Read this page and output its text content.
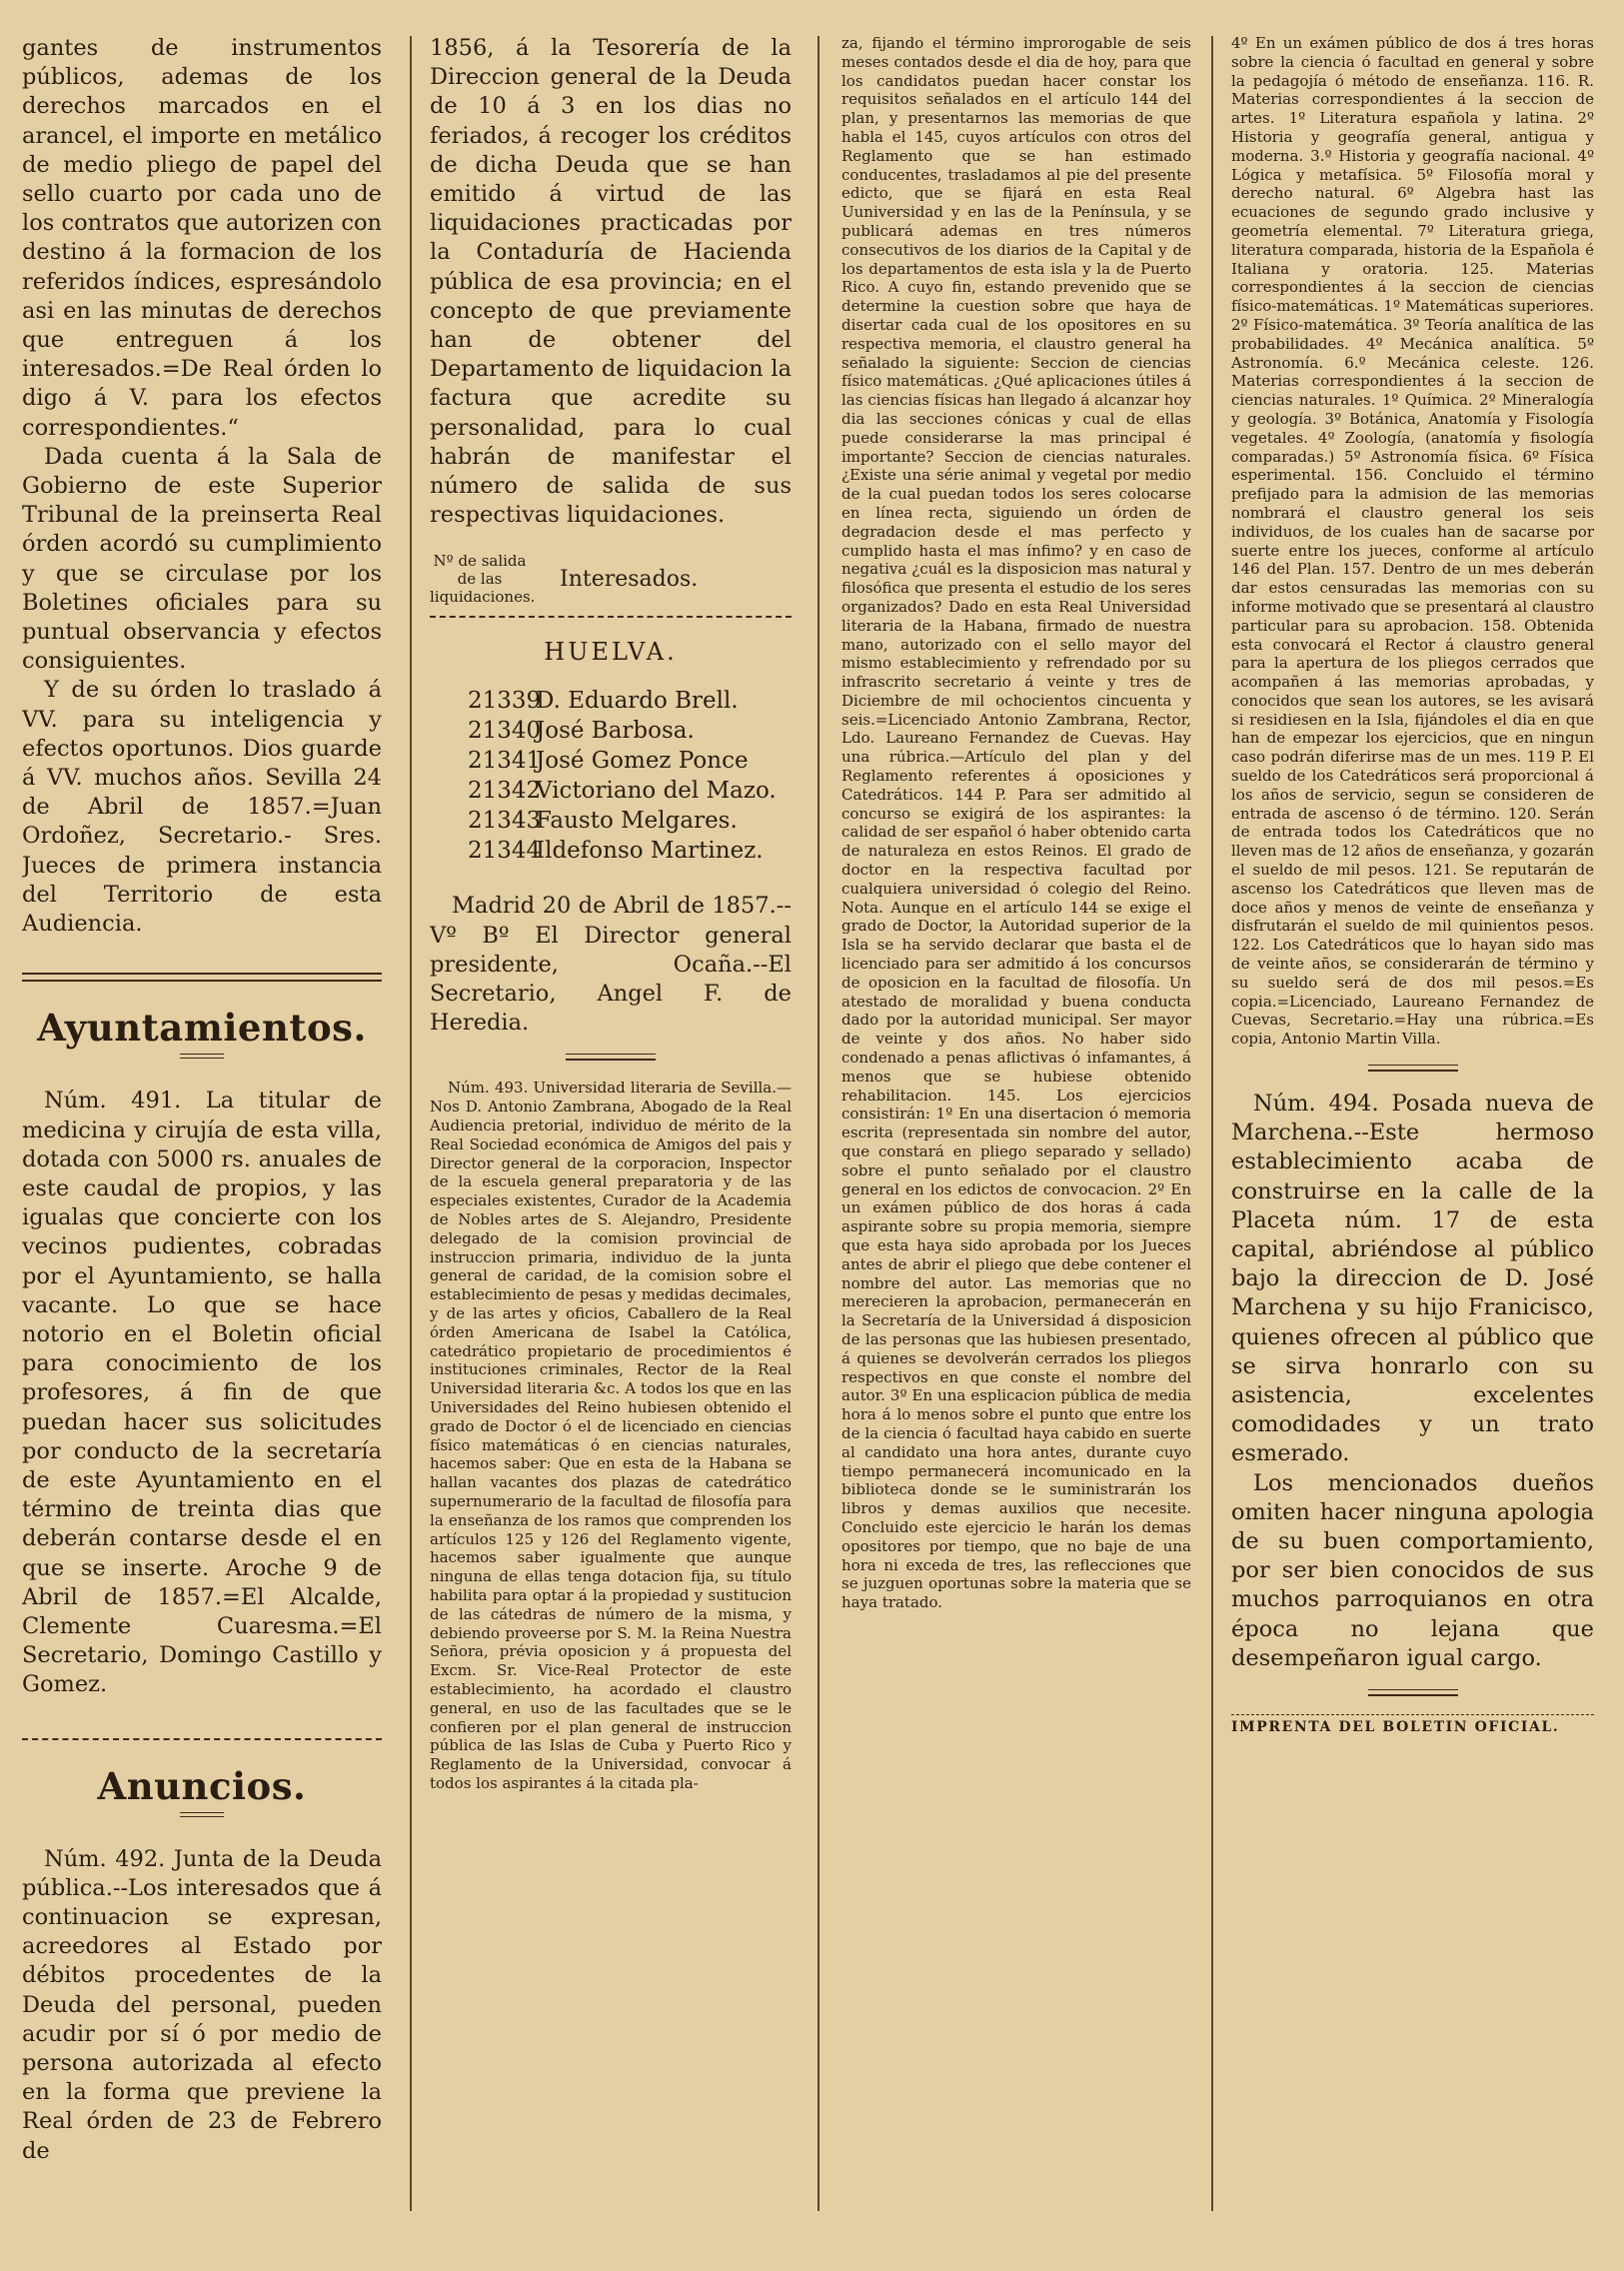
gantes de instrumentos públicos, ademas de los derechos marcados en el arancel, el importe en metálico de medio pliego de papel del sello cuarto por cada uno de los contratos que autorizen con destino á la formacion de los referidos índices, espresándolo asi en las minutas de derechos que entreguen á los interesados.=De Real órden lo digo á V. para los efectos correspondientes.“

Dada cuenta á la Sala de Gobierno de este Superior Tribunal de la preinserta Real órden acordó su cumplimiento y que se circulase por los Boletines oficiales para su puntual observancia y efectos consiguientes.

Y de su órden lo traslado á VV. para su inteligencia y efectos oportunos. Dios guarde á VV. muchos años. Sevilla 24 de Abril de 1857.=Juan Ordoñez, Secretario.- Sres. Jueces de primera instancia del Territorio de esta Audiencia.

Ayuntamientos.

Núm. 491. La titular de medicina y cirujía de esta villa, dotada con 5000 rs. anuales de este caudal de propios, y las igualas que concierte con los vecinos pudientes, cobradas por el Ayuntamiento, se halla vacante. Lo que se hace notorio en el Boletin oficial para conocimiento de los profesores, á fin de que puedan hacer sus solicitudes por conducto de la secretaría de este Ayuntamiento en el término de treinta dias que deberán contarse desde el en que se inserte. Aroche 9 de Abril de 1857.=El Alcalde, Clemente Cuaresma.=El Secretario, Domingo Castillo y Gomez.

Anuncios.

Núm. 492. Junta de la Deuda pública.--Los interesados que á continuacion se expresan, acreedores al Estado por débitos procedentes de la Deuda del personal, pueden acudir por sí ó por medio de persona autorizada al efecto en la forma que previene la Real órden de 23 de Febrero de

1856, á la Tesorería de la Direccion general de la Deuda de 10 á 3 en los dias no feriados, á recoger los créditos de dicha Deuda que se han emitido á virtud de las liquidaciones practicadas por la Contaduría de Hacienda pública de esa provincia; en el concepto de que previamente han de obtener del Departamento de liquidacion la factura que acredite su personalidad, para lo cual habrán de manifestar el número de salida de sus respectivas liquidaciones.

Nº de salida de las liquidaciones.
Interesados.
HUELVA.
21339
D. Eduardo Brell.
21340
José Barbosa.
21341
José Gomez Ponce
21342
Victoriano del Mazo.
21343
Fausto Melgares.
21344
Ildefonso Martinez.

Madrid 20 de Abril de 1857.--Vº Bº El Director general presidente, Ocaña.--El Secretario, Angel F. de Heredia.

Núm. 493. Universidad literaria de Sevilla.—Nos D. Antonio Zambrana, Abogado de la Real Audiencia pretorial, individuo de mérito de la Real Sociedad económica de Amigos del pais y Director general de la corporacion, Inspector de la escuela general preparatoria y de las especiales existentes, Curador de la Academia de Nobles artes de S. Alejandro, Presidente delegado de la comision provincial de instruccion primaria, individuo de la junta general de caridad, de la comision sobre el establecimiento de pesas y medidas decimales, y de las artes y oficios, Caballero de la Real órden Americana de Isabel la Católica, catedrático propietario de procedimientos é instituciones criminales, Rector de la Real Universidad literaria &c. A todos los que en las Universidades del Reino hubiesen obtenido el grado de Doctor ó el de licenciado en ciencias físico matemáticas ó en ciencias naturales, hacemos saber: Que en esta de la Habana se hallan vacantes dos plazas de catedrático supernumerario de la facultad de filosofía para la enseñanza de los ramos que comprenden los artículos 125 y 126 del Reglamento vigente, hacemos saber igualmente que aunque ninguna de ellas tenga dotacion fija, su título habilita para optar á la propiedad y sustitucion de las cátedras de número de la misma, y debiendo proveerse por S. M. la Reina Nuestra Señora, prévia oposicion y á propuesta del Excm. Sr. Vice-Real Protector de este establecimiento, ha acordado el claustro general, en uso de las facultades que se le confieren por el plan general de instruccion pública de las Islas de Cuba y Puerto Rico y Reglamento de la Universidad, convocar á todos los aspirantes á la citada pla-

za, fijando el término improrogable de seis meses contados desde el dia de hoy, para que los candidatos puedan hacer constar los requisitos señalados en el artículo 144 del plan, y presentarnos las memorias de que habla el 145, cuyos artículos con otros del Reglamento que se han estimado conducentes, trasladamos al pie del presente edicto, que se fijará en esta Real Uuniversidad y en las de la Península, y se publicará ademas en tres números consecutivos de los diarios de la Capital y de los departamentos de esta isla y la de Puerto Rico. A cuyo fin, estando prevenido que se determine la cuestion sobre que haya de disertar cada cual de los opositores en su respectiva memoria, el claustro general ha señalado la siguiente: Seccion de ciencias físico matemáticas. ¿Qué aplicaciones útiles á las ciencias físicas han llegado á alcanzar hoy dia las secciones cónicas y cual de ellas puede considerarse la mas principal é importante? Seccion de ciencias naturales. ¿Existe una série animal y vegetal por medio de la cual puedan todos los seres colocarse en línea recta, siguiendo un órden de degradacion desde el mas perfecto y cumplido hasta el mas ínfimo? y en caso de negativa ¿cuál es la disposicion mas natural y filosófica que presenta el estudio de los seres organizados? Dado en esta Real Universidad literaria de la Habana, firmado de nuestra mano, autorizado con el sello mayor del mismo establecimiento y refrendado por su infrascrito secretario á veinte y tres de Diciembre de mil ochocientos cincuenta y seis.=Licenciado Antonio Zambrana, Rector, Ldo. Laureano Fernandez de Cuevas. Hay una rúbrica.—Artículo del plan y del Reglamento referentes á oposiciones y Catedráticos. 144 P. Para ser admitido al concurso se exigirá de los aspirantes: la calidad de ser español ó haber obtenido carta de naturaleza en estos Reinos. El grado de doctor en la respectiva facultad por cualquiera universidad ó colegio del Reino. Nota. Aunque en el artículo 144 se exige el grado de Doctor, la Autoridad superior de la Isla se ha servido declarar que basta el de licenciado para ser admitido á los concursos de oposicion en la facultad de filosofía. Un atestado de moralidad y buena conducta dado por la autoridad municipal. Ser mayor de veinte y dos años. No haber sido condenado a penas aflictivas ó infamantes, á menos que se hubiese obtenido rehabilitacion. 145. Los ejercicios consistirán: 1º En una disertacion ó memoria escrita (representada sin nombre del autor, que constará en pliego separado y sellado) sobre el punto señalado por el claustro general en los edictos de convocacion. 2º En un exámen público de dos horas á cada aspirante sobre su propia memoria, siempre que esta haya sido aprobada por los Jueces antes de abrir el pliego que debe contener el nombre del autor. Las memorias que no merecieren la aprobacion, permanecerán en la Secretaría de la Universidad á disposicion de las personas que las hubiesen presentado, á quienes se devolverán cerrados los pliegos respectivos en que conste el nombre del autor. 3º En una esplicacion pública de media hora á lo menos sobre el punto que entre los de la ciencia ó facultad haya cabido en suerte al candidato una hora antes, durante cuyo tiempo permanecerá incomunicado en la biblioteca donde se le suministrarán los libros y demas auxilios que necesite. Concluido este ejercicio le harán los demas opositores por tiempo, que no baje de una hora ni exceda de tres, las reflecciones que se juzguen oportunas sobre la materia que se haya tratado.

4º En un exámen público de dos á tres horas sobre la ciencia ó facultad en general y sobre la pedagojía ó método de enseñanza. 116. R. Materias correspondientes á la seccion de artes. 1º Literatura española y latina. 2º Historia y geografía general, antigua y moderna. 3.º Historia y geografía nacional. 4º Lógica y metafísica. 5º Filosofía moral y derecho natural. 6º Algebra hast las ecuaciones de segundo grado inclusive y geometría elemental. 7º Literatura griega, literatura comparada, historia de la Española é Italiana y oratoria. 125. Materias correspondientes á la seccion de ciencias físico-matemáticas. 1º Matemáticas superiores. 2º Físico-matemática. 3º Teoría analítica de las probabilidades. 4º Mecánica analítica. 5º Astronomía. 6.º Mecánica celeste. 126. Materias correspondientes á la seccion de ciencias naturales. 1º Química. 2º Mineralogía y geología. 3º Botánica, Anatomía y Fisología vegetales. 4º Zoología, (anatomía y fisología comparadas.) 5º Astronomía física. 6º Física esperimental. 156. Concluido el término prefijado para la admision de las memorias nombrará el claustro general los seis individuos, de los cuales han de sacarse por suerte entre los jueces, conforme al artículo 146 del Plan. 157. Dentro de un mes deberán dar estos censuradas las memorias con su informe motivado que se presentará al claustro particular para su aprobacion. 158. Obtenida esta convocará el Rector á claustro general para la apertura de los pliegos cerrados que acompañen á las memorias aprobadas, y conocidos que sean los autores, se les avisará si residiesen en la Isla, fijándoles el dia en que han de empezar los ejercicios, que en ningun caso podrán diferirse mas de un mes. 119 P. El sueldo de los Catedráticos será proporcional á los años de servicio, segun se consideren de entrada de ascenso ó de término. 120. Serán de entrada todos los Catedráticos que no lleven mas de 12 años de enseñanza, y gozarán el sueldo de mil pesos. 121. Se reputarán de ascenso los Catedráticos que lleven mas de doce años y menos de veinte de enseñanza y disfrutarán el sueldo de mil quinientos pesos. 122. Los Catedráticos que lo hayan sido mas de veinte años, se considerarán de término y su sueldo será de dos mil pesos.=Es copia.=Licenciado, Laureano Fernandez de Cuevas, Secretario.=Hay una rúbrica.=Es copia, Antonio Martin Villa.

Núm. 494. Posada nueva de Marchena.--Este hermoso establecimiento acaba de construirse en la calle de la Placeta núm. 17 de esta capital, abriéndose al público bajo la direccion de D. José Marchena y su hijo Franicisco, quienes ofrecen al público que se sirva honrarlo con su asistencia, excelentes comodidades y un trato esmerado.

Los mencionados dueños omiten hacer ninguna apologia de su buen comportamiento, por ser bien conocidos de sus muchos parroquianos en otra época no lejana que desempeñaron igual cargo.

IMPRENTA DEL BOLETIN OFICIAL.
